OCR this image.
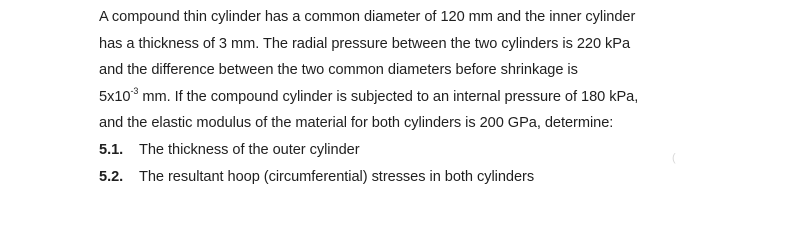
A compound thin cylinder has a common diameter of 120 mm and the inner cylinder
has a thickness of 3 mm. The radial pressure between the two cylinders is 220 kPa
and the difference between the two common diameters before shrinkage is
$5x10^{-3}$ mm. If the compound cylinder is subjected to an internal pressure of 180 kPa,
and the elastic modulus of the material for both cylinders is 200 GPa, determine:
5.1. The thickness of the outer cylinder
5.2. The resultant hoop (circumferential) stresses in both cylinders
(
